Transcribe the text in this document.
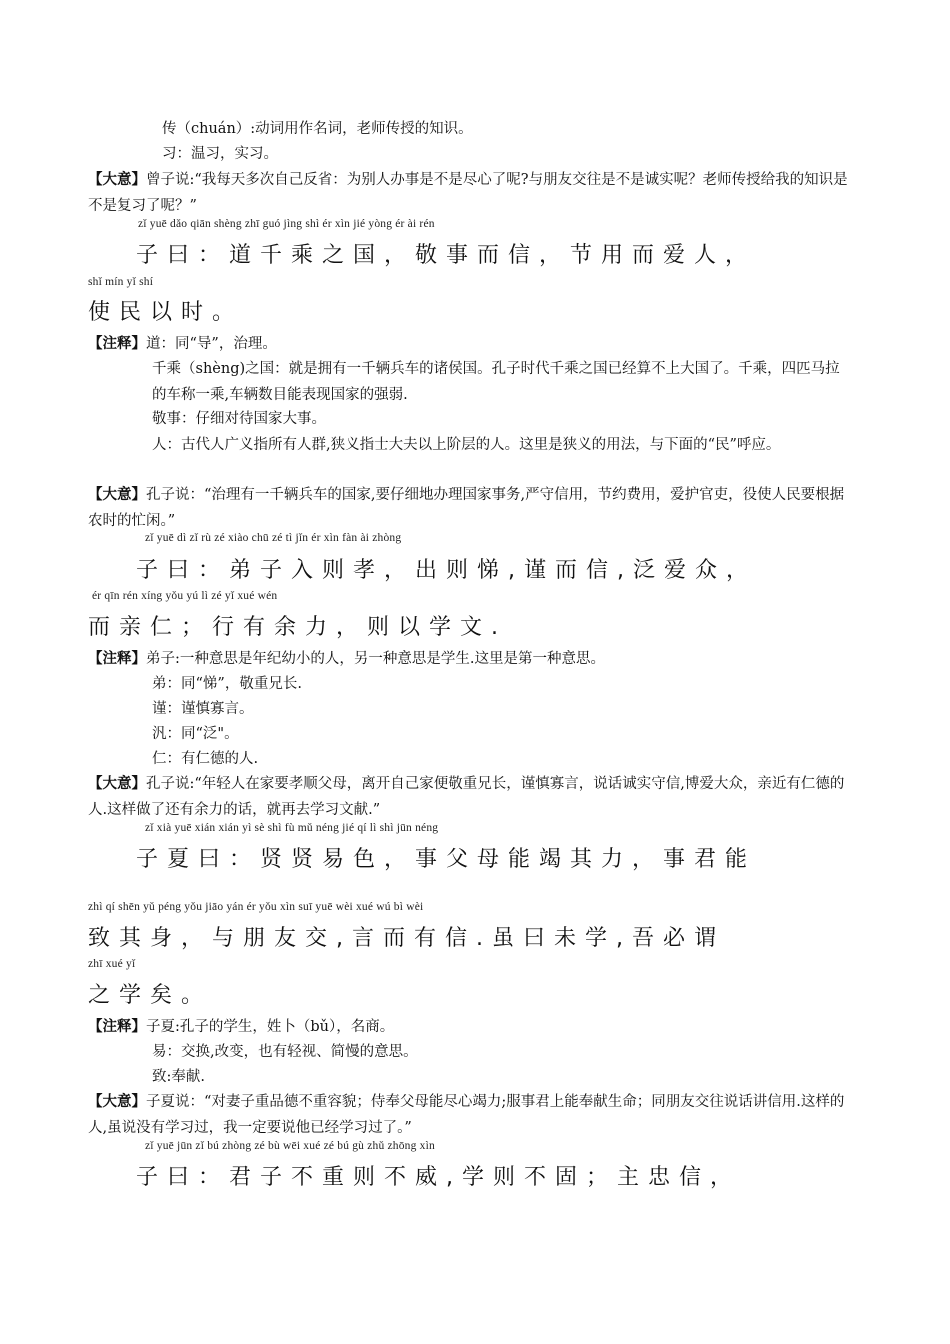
传（chuán）:动词用作名词，老师传授的知识。
习：温习，实习。
【 大意 】 曾子说:“我每天多次自己反省：为别人办事是不是尽心了呢?与朋友交往是不是诚实呢？老师传授给我的知识是不是复习了呢？”
zǐ yuē dǎo qiān shèng zhī guó jìng shì ér xìn jié yòng ér ài rén
子曰：道千乘之国，敬事而信，节用而爱人，
shǐ mín yǐ shí
使民以时。
【 注释 】 道：同“导”，治理。
千乘（shèng)之国：就是拥有一千辆兵车的诸侯国。孔子时代千乘之国已经算不上大国了。千乘，四匹马拉的车称一乘,车辆数目能表现国家的强弱.
敬事：仔细对待国家大事。
人：古代人广义指所有人群,狭义指士大夫以上阶层的人。这里是狭义的用法，与下面的“民”呼应。
【 大意 】 孔子说：“治理有一千辆兵车的国家,要仔细地办理国家事务,严守信用，节约费用，爱护官吏，役使人民要根据农时的忙闲。”
zǐ yuē dì zǐ rù zé xiào chū zé tì jǐn ér xìn fàn ài zhòng
子曰：弟子入则孝，出则悌,谨而信,泛爱众，
ér qīn rén xíng yǒu yú lì zé yǐ xué wén
而亲仁；行有余力，则以学文.
【 注释 】 弟子:一种意思是年纪幼小的人，另一种意思是学生.这里是第一种意思。
弟：同“悌”，敬重兄长.
谨：谨慎寡言。
汎：同“泛"。
仁：有仁德的人.
【 大意 】 孔子说:“年轻人在家要孝顺父母，离开自己家便敬重兄长，谨慎寡言，说话诚实守信,博爱大众，亲近有仁德的人.这样做了还有余力的话，就再去学习文献.”
zǐ xià yuē xián xián yì sè shì fù mǔ néng jié qí lì shì jūn néng
子夏曰：贤贤易色，事父母能竭其力，事君能
zhì qí shēn yǔ péng yǒu jiāo yán ér yǒu xìn suī yuē wèi xué wú bì wèi
致其身，与朋友交,言而有信.虽曰未学,吾必谓
zhī xué yǐ
之学矣。
【 注释 】 子夏:孔子的学生，姓卜（bǔ），名商。
易：交换,改变，也有轻视、简慢的意思。
致:奉献.
【 大意 】 子夏说：“对妻子重品德不重容貌；侍奉父母能尽心竭力;服事君上能奉献生命；同朋友交往说话讲信用.这样的人,虽说没有学习过，我一定要说他已经学习过了。”
zǐ yuē jūn zǐ bú zhòng zé bù wēi xué zé bú gù zhǔ zhōng xìn
子曰：君子不重则不威,学则不固；主忠信，
